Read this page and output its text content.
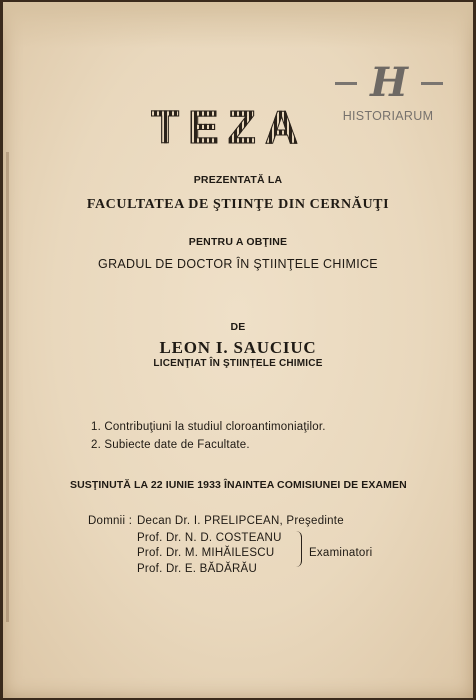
H
HISTORIARUM
TEZA
PREZENTATĂ LA
FACULTATEA DE ŞTIINŢE DIN CERNĂUŢI
PENTRU A OBŢINE
GRADUL DE DOCTOR ÎN ŞTIINŢELE CHIMICE
DE
LEON I. SAUCIUC
LICENŢIAT ÎN ŞTIINŢELE CHIMICE
1. Contribuţiuni la studiul cloroantimoniaţilor.
2. Subiecte date de Facultate.
SUSŢINUTĂ LA 22 IUNIE 1933 ÎNAINTEA COMISIUNEI DE EXAMEN
Domnii : Decan Dr. I. PRELIPCEAN, Preşedinte
Prof. Dr. N. D. COSTEANU
Prof. Dr. M. MIHĂILESCU
Prof. Dr. E. BĂDĂRĂU
Examinatori
